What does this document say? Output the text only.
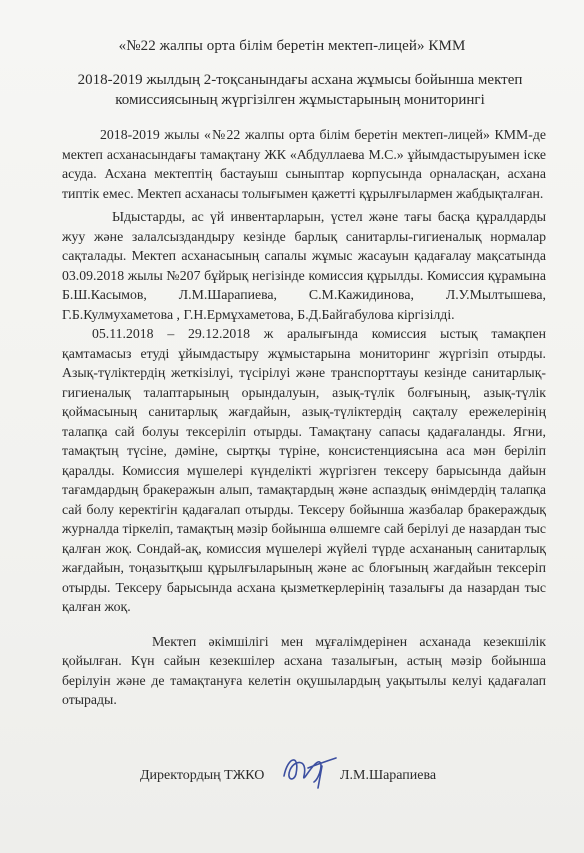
«№22 жалпы орта білім беретін мектеп-лицей» КММ
2018-2019 жылдың 2-тоқсанындағы асхана жұмысы бойынша мектеп
комиссиясының жүргізілген жұмыстарының мониторингі

2018-2019 жылы «№22 жалпы орта білім беретін мектеп-лицей» КММ-де мектеп асханасындағы тамақтану ЖК «Абдуллаева М.С.» ұйымдастыруымен іске асуда. Асхана мектептің бастауыш сыныптар корпусында орналасқан, асхана типтік емес. Мектеп асханасы толығымен қажетті құрылғылармен жабдықталған.

Ыдыстарды, ас үй инвентарларын, үстел және тағы басқа құралдарды жуу және залалсыздандыру кезінде барлық санитарлы-гигиеналық нормалар сақталады. Мектеп асханасының сапалы жұмыс жасауын қадағалау мақсатында 03.09.2018 жылы №207 бұйрық негізінде комиссия құрылды. Комиссия құрамына Б.Ш.Касымов, Л.М.Шарапиева, С.М.Кажидинова, Л.У.Мылтышева, Г.Б.Кулмухаметова , Г.Н.Ермұхаметова, Б.Д.Байгабулова кіргізілді.

05.11.2018 – 29.12.2018 ж аралығында комиссия ыстық тамақпен қамтамасыз етуді ұйымдастыру жұмыстарына мониторинг жүргізіп отырды. Азық-түліктердің жеткізілуі, түсірілуі және транспорттауы кезінде санитарлық-гигиеналық талаптарының орындалуын, азық-түлік болғының, азық-түлік қоймасының санитарлық жағдайын, азық-түліктердің сақталу ережелерінің талапқа сай болуы тексеріліп отырды. Тамақтану сапасы қадағаланды. Ягни, тамақтың түсіне, дәміне, сыртқы түріне, консистенциясына аса мән беріліп қаралды. Комиссия мүшелері күнделікті жүргізген тексеру барысында дайын тағамдардың бракеражын алып, тамақтардың және аспаздық өнімдердің талапқа сай болу керектігін қадағалап отырды. Тексеру бойынша жазбалар бракераждық журналда тіркеліп, тамақтың мәзір бойынша өлшемге сай берілуі де назардан тыс қалған жоқ. Сондай-ақ, комиссия мүшелері жүйелі түрде асхананың санитарлық жағдайын, тоңазытқыш құрылғыларының және ас блоғының жағдайын тексеріп отырды. Тексеру барысында асхана қызметкерлерінің тазалығы да назардан тыс қалған жоқ.

Мектеп әкімшілігі мен мұғалімдерінен асханада кезекшілік қойылған. Күн сайын кезекшілер асхана тазалығын, астың мәзір бойынша берілуін және де тамақтануға келетін оқушылардың уақытылы келуі қадағалап отырады.

Директордың ТЖКО	Л.М.Шарапиева
